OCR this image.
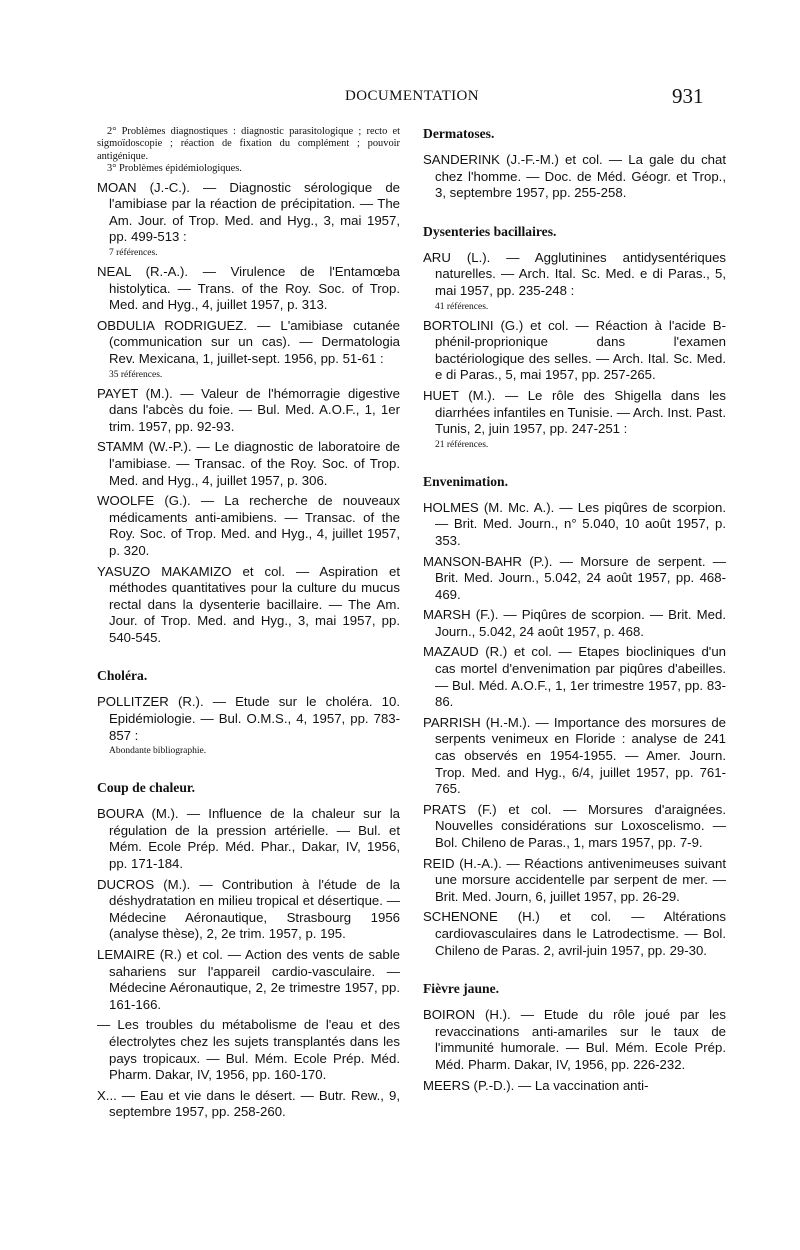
DOCUMENTATION	931

2° Problèmes diagnostiques : diagnostic parasitologique ; recto et sigmoïdoscopie ; réaction de fixation du complément ; pouvoir antigénique.
3° Problèmes épidémiologiques.

MOAN (J.-C.). — Diagnostic sérologique de l'amibiase par la réaction de précipitation. — The Am. Jour. of Trop. Med. and Hyg., 3, mai 1957, pp. 499-513 :
7 références.

NEAL (R.-A.). — Virulence de l'Entamœba histolytica. — Trans. of the Roy. Soc. of Trop. Med. and Hyg., 4, juillet 1957, p. 313.

OBDULIA RODRIGUEZ. — L'amibiase cutanée (communication sur un cas). — Dermatologia Rev. Mexicana, 1, juillet-sept. 1956, pp. 51-61 :
35 références.

PAYET (M.). — Valeur de l'hémorragie digestive dans l'abcès du foie. — Bul. Med. A.O.F., 1, 1er trim. 1957, pp. 92-93.

STAMM (W.-P.). — Le diagnostic de laboratoire de l'amibiase. — Transac. of the Roy. Soc. of Trop. Med. and Hyg., 4, juillet 1957, p. 306.

WOOLFE (G.). — La recherche de nouveaux médicaments anti-amibiens. — Transac. of the Roy. Soc. of Trop. Med. and Hyg., 4, juillet 1957, p. 320.

YASUZO MAKAMIZO et col. — Aspiration et méthodes quantitatives pour la culture du mucus rectal dans la dysenterie bacillaire. — The Am. Jour. of Trop. Med. and Hyg., 3, mai 1957, pp. 540-545.

Choléra.

POLLITZER (R.). — Etude sur le choléra. 10. Epidémiologie. — Bul. O.M.S., 4, 1957, pp. 783-857 :
Abondante bibliographie.

Coup de chaleur.

BOURA (M.). — Influence de la chaleur sur la régulation de la pression artérielle. — Bul. et Mém. Ecole Prép. Méd. Phar., Dakar, IV, 1956, pp. 171-184.

DUCROS (M.). — Contribution à l'étude de la déshydratation en milieu tropical et désertique. — Médecine Aéronautique, Strasbourg 1956 (analyse thèse), 2, 2e trim. 1957, p. 195.

LEMAIRE (R.) et col. — Action des vents de sable sahariens sur l'appareil cardio-vasculaire. — Médecine Aéronautique, 2, 2e trimestre 1957, pp. 161-166.

— Les troubles du métabolisme de l'eau et des électrolytes chez les sujets transplantés dans les pays tropicaux. — Bul. Mém. Ecole Prép. Méd. Pharm. Dakar, IV, 1956, pp. 160-170.

X... — Eau et vie dans le désert. — Butr. Rew., 9, septembre 1957, pp. 258-260.

Dermatoses.

SANDERINK (J.-F.-M.) et col. — La gale du chat chez l'homme. — Doc. de Méd. Géogr. et Trop., 3, septembre 1957, pp. 255-258.

Dysenteries bacillaires.

ARU (L.). — Agglutinines antidysentériques naturelles. — Arch. Ital. Sc. Med. e di Paras., 5, mai 1957, pp. 235-248 :
41 références.

BORTOLINI (G.) et col. — Réaction à l'acide B-phénil-proprionique dans l'examen bactériologique des selles. — Arch. Ital. Sc. Med. e di Paras., 5, mai 1957, pp. 257-265.

HUET (M.). — Le rôle des Shigella dans les diarrhées infantiles en Tunisie. — Arch. Inst. Past. Tunis, 2, juin 1957, pp. 247-251 :
21 références.

Envenimation.

HOLMES (M. Mc. A.). — Les piqûres de scorpion. — Brit. Med. Journ., n° 5.040, 10 août 1957, p. 353.

MANSON-BAHR (P.). — Morsure de serpent. — Brit. Med. Journ., 5.042, 24 août 1957, pp. 468-469.

MARSH (F.). — Piqûres de scorpion. — Brit. Med. Journ., 5.042, 24 août 1957, p. 468.

MAZAUD (R.) et col. — Etapes biocliniques d'un cas mortel d'envenimation par piqûres d'abeilles. — Bul. Méd. A.O.F., 1, 1er trimestre 1957, pp. 83-86.

PARRISH (H.-M.). — Importance des morsures de serpents venimeux en Floride : analyse de 241 cas observés en 1954-1955. — Amer. Journ. Trop. Med. and Hyg., 6/4, juillet 1957, pp. 761-765.

PRATS (F.) et col. — Morsures d'araignées. Nouvelles considérations sur Loxoscelismo. — Bol. Chileno de Paras., 1, mars 1957, pp. 7-9.

REID (H.-A.). — Réactions antivenimeuses suivant une morsure accidentelle par serpent de mer. — Brit. Med. Journ, 6, juillet 1957, pp. 26-29.

SCHENONE (H.) et col. — Altérations cardiovasculaires dans le Latrodectisme. — Bol. Chileno de Paras. 2, avril-juin 1957, pp. 29-30.

Fièvre jaune.

BOIRON (H.). — Etude du rôle joué par les revaccinations anti-amariles sur le taux de l'immunité humorale. — Bul. Mém. Ecole Prép. Méd. Pharm. Dakar, IV, 1956, pp. 226-232.

MEERS (P.-D.). — La vaccination anti-
